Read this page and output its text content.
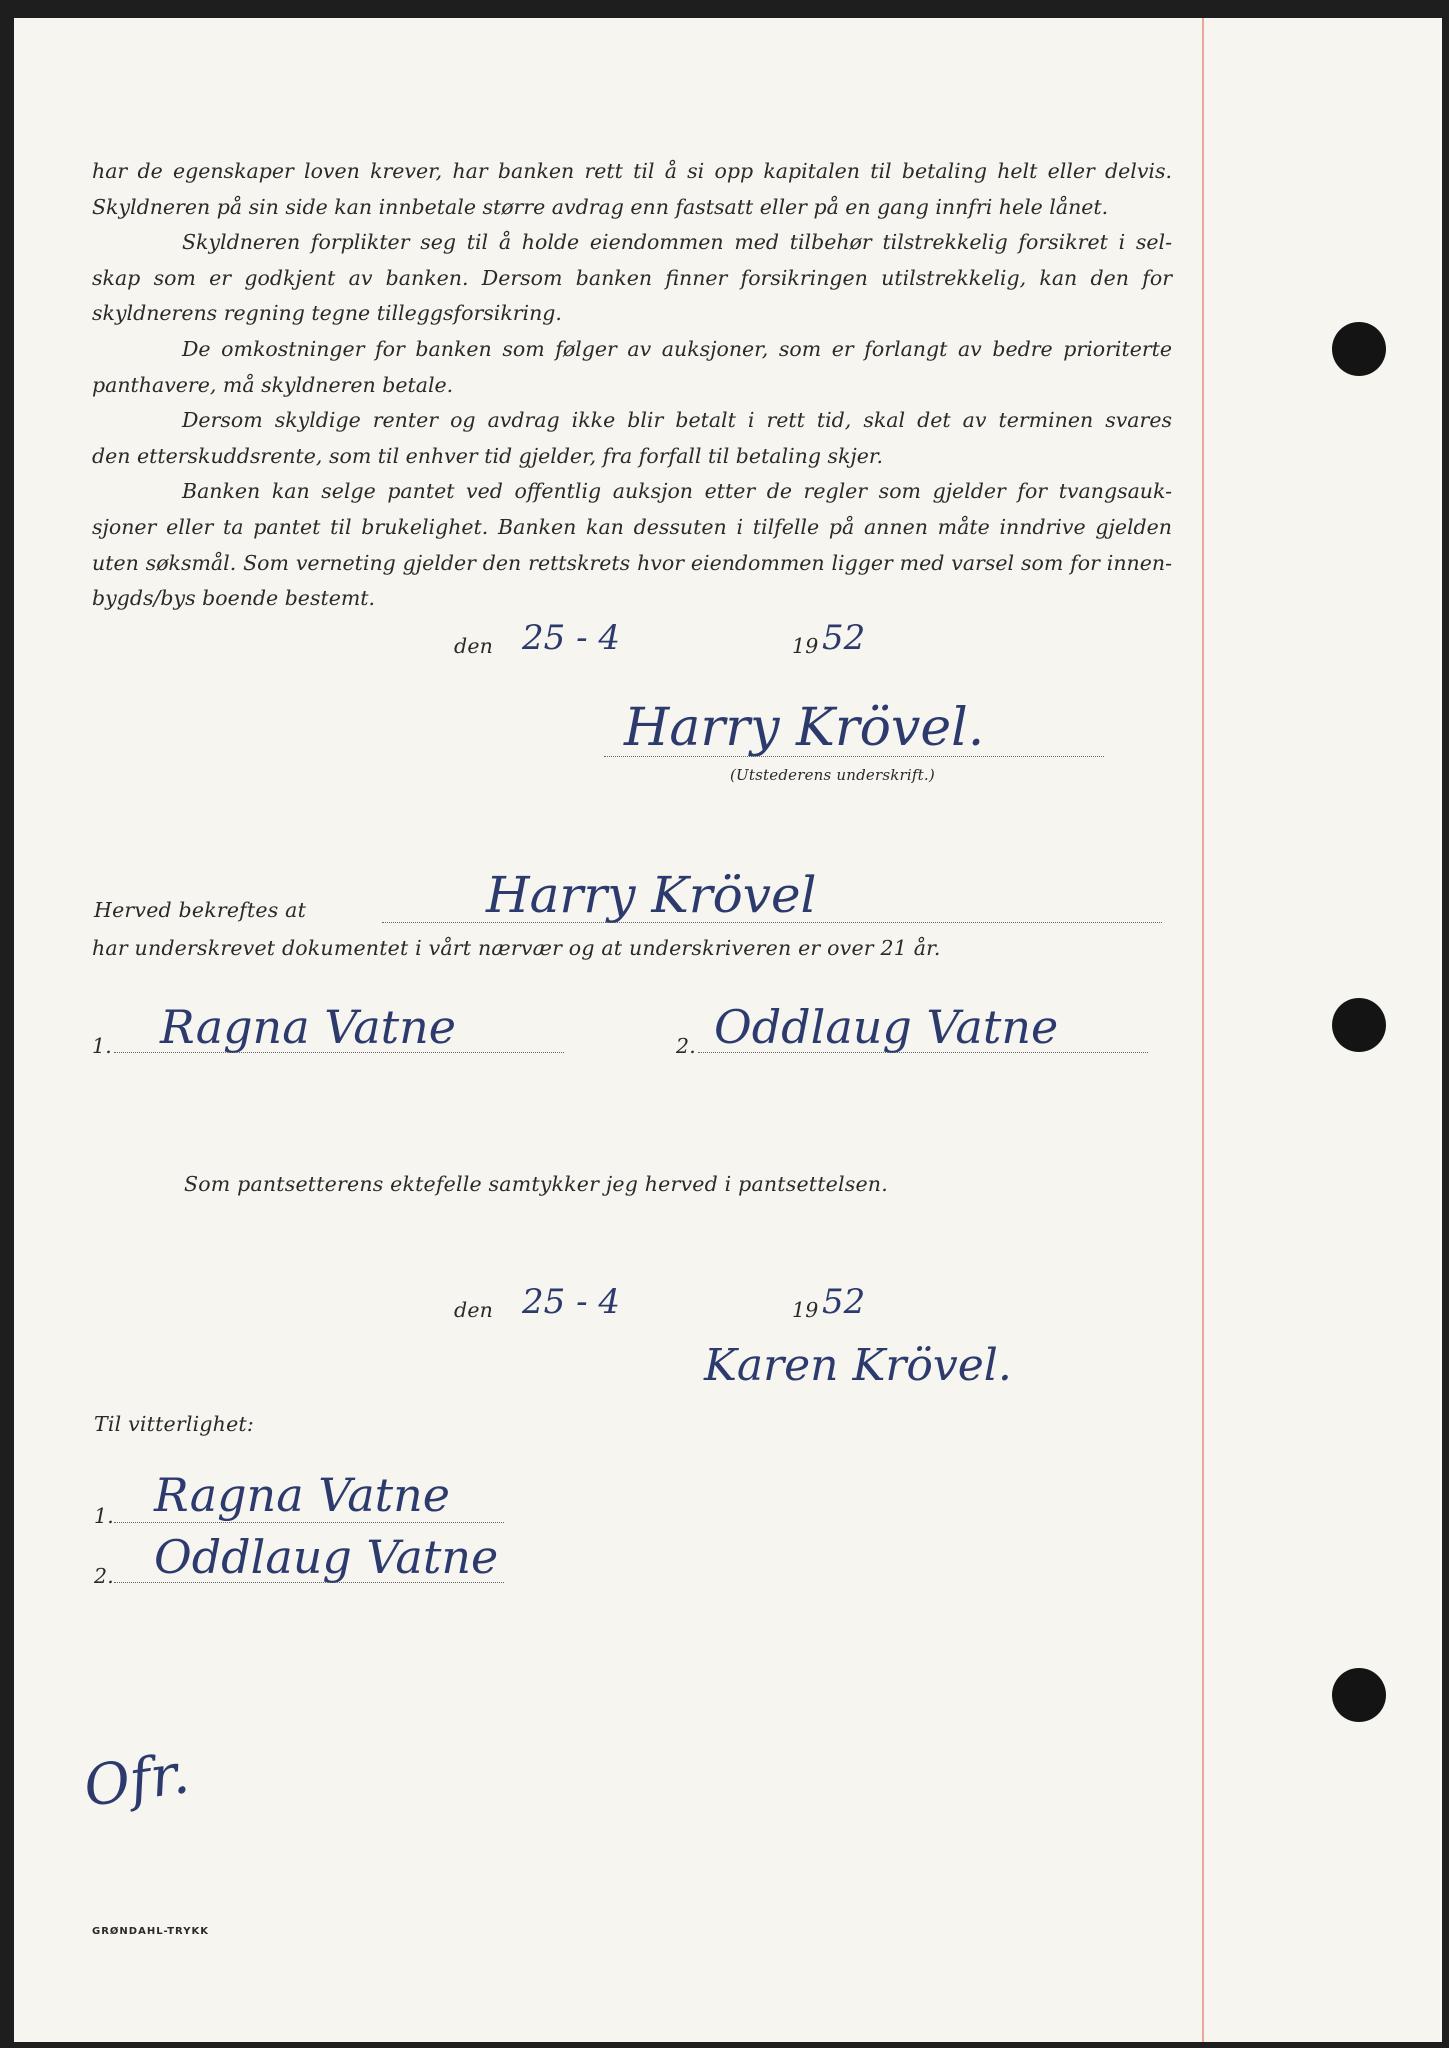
har de egenskaper loven krever, har banken rett til å si opp kapitalen til betaling helt eller delvis.

Skyldneren på sin side kan innbetale større avdrag enn fastsatt eller på en gang innfri hele lånet.

Skyldneren forplikter seg til å holde eiendommen med tilbehør tilstrekkelig forsikret i sel-

skap som er godkjent av banken. Dersom banken finner forsikringen utilstrekkelig, kan den for

skyldnerens regning tegne tilleggsforsikring.

De omkostninger for banken som følger av auksjoner, som er forlangt av bedre prioriterte

panthavere, må skyldneren betale.

Dersom skyldige renter og avdrag ikke blir betalt i rett tid, skal det av terminen svares

den etterskuddsrente, som til enhver tid gjelder, fra forfall til betaling skjer.

Banken kan selge pantet ved offentlig auksjon etter de regler som gjelder for tvangsauk-

sjoner eller ta pantet til brukelighet. Banken kan dessuten i tilfelle på annen måte inndrive gjelden

uten søksmål. Som verneting gjelder den rettskrets hvor eiendommen ligger med varsel som for innen-

bygds/bys boende bestemt.

den 25 - 4	19 52
Harry Krövel.
(Utstederens underskrift.)
Herved bekreftes at	Harry Krövel
har underskrevet dokumentet i vårt nærvær og at underskriveren er over 21 år.
1. Ragna Vatne	2. Oddlaug Vatne
Som pantsetterens ektefelle samtykker jeg herved i pantsettelsen.
den 25 - 4	19 52
Karen Krövel.
Til vitterlighet:
1. Ragna Vatne
2. Oddlaug Vatne
Ofr.
GRØNDAHL-TRYKK
